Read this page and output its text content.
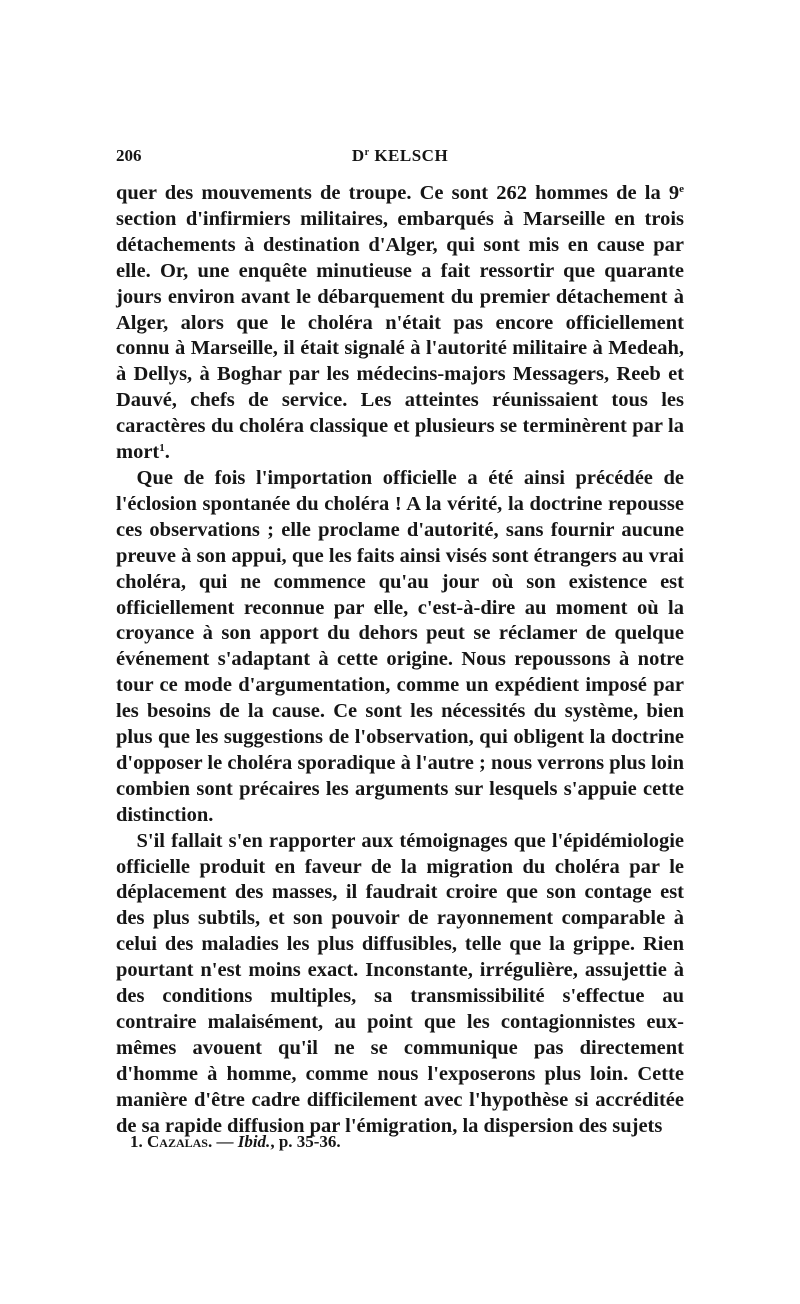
206	$D^r$ KELSCH

quer des mouvements de troupe. Ce sont 262 hommes de la 9e section d'infirmiers militaires, embarqués à Marseille en trois détachements à destination d'Alger, qui sont mis en cause par elle. Or, une enquête minutieuse a fait ressortir que quarante jours environ avant le débarquement du premier détachement à Alger, alors que le choléra n'était pas encore officiellement connu à Marseille, il était signalé à l'autorité militaire à Medeah, à Dellys, à Boghar par les médecins-majors Messagers, Reeb et Dauvé, chefs de service. Les atteintes réunissaient tous les caractères du choléra classique et plusieurs se terminèrent par la mort$^1$.

Que de fois l'importation officielle a été ainsi précédée de l'éclosion spontanée du choléra ! A la vérité, la doctrine repousse ces observations ; elle proclame d'autorité, sans fournir aucune preuve à son appui, que les faits ainsi visés sont étrangers au vrai choléra, qui ne commence qu'au jour où son existence est officiellement reconnue par elle, c'est-à-dire au moment où la croyance à son apport du dehors peut se réclamer de quelque événement s'adaptant à cette origine. Nous repoussons à notre tour ce mode d'argumentation, comme un expédient imposé par les besoins de la cause. Ce sont les nécessités du système, bien plus que les suggestions de l'observation, qui obligent la doctrine d'opposer le choléra sporadique à l'autre ; nous verrons plus loin combien sont précaires les arguments sur lesquels s'appuie cette distinction.

S'il fallait s'en rapporter aux témoignages que l'épidémiologie officielle produit en faveur de la migration du choléra par le déplacement des masses, il faudrait croire que son contage est des plus subtils, et son pouvoir de rayonnement comparable à celui des maladies les plus diffusibles, telle que la grippe. Rien pourtant n'est moins exact. Inconstante, irrégulière, assujettie à des conditions multiples, sa transmissibilité s'effectue au contraire malaisément, au point que les contagionnistes eux-mêmes avouent qu'il ne se communique pas directement d'homme à homme, comme nous l'exposerons plus loin. Cette manière d'être cadre difficilement avec l'hypothèse si accréditée de sa rapide diffusion par l'émigration, la dispersion des sujets

1. Cazalas. — Ibid., p. 35-36.
